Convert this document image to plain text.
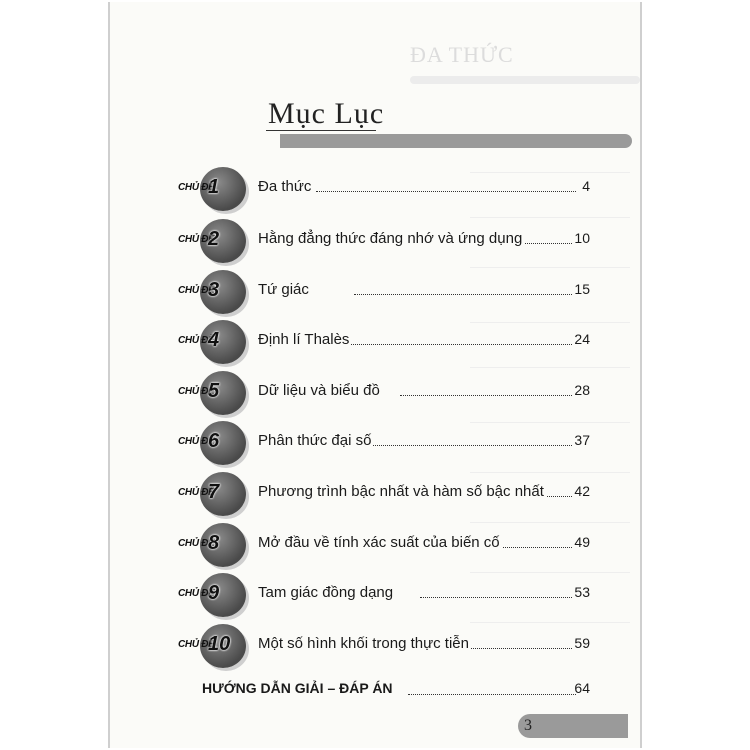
ĐA THỨC
Mục Lục
CHỦ ĐỀ
1	Đa thức	4
CHỦ ĐỀ
2	Hằng đẳng thức đáng nhớ và ứng dụng	10
CHỦ ĐỀ
3	Tứ giác	15
CHỦ ĐỀ
4	Định lí Thalès	24
CHỦ ĐỀ
5	Dữ liệu và biểu đồ	28
CHỦ ĐỀ
6	Phân thức đại số	37
CHỦ ĐỀ
7	Phương trình bậc nhất và hàm số bậc nhất 42
CHỦ ĐỀ
8	Mở đầu về tính xác suất của biến cố	49
CHỦ ĐỀ
9	Tam giác đồng dạng	53
CHỦ ĐỀ
10	Một số hình khối trong thực tiễn	59
HƯỚNG DẪN GIẢI – ĐÁP ÁN	64
3
